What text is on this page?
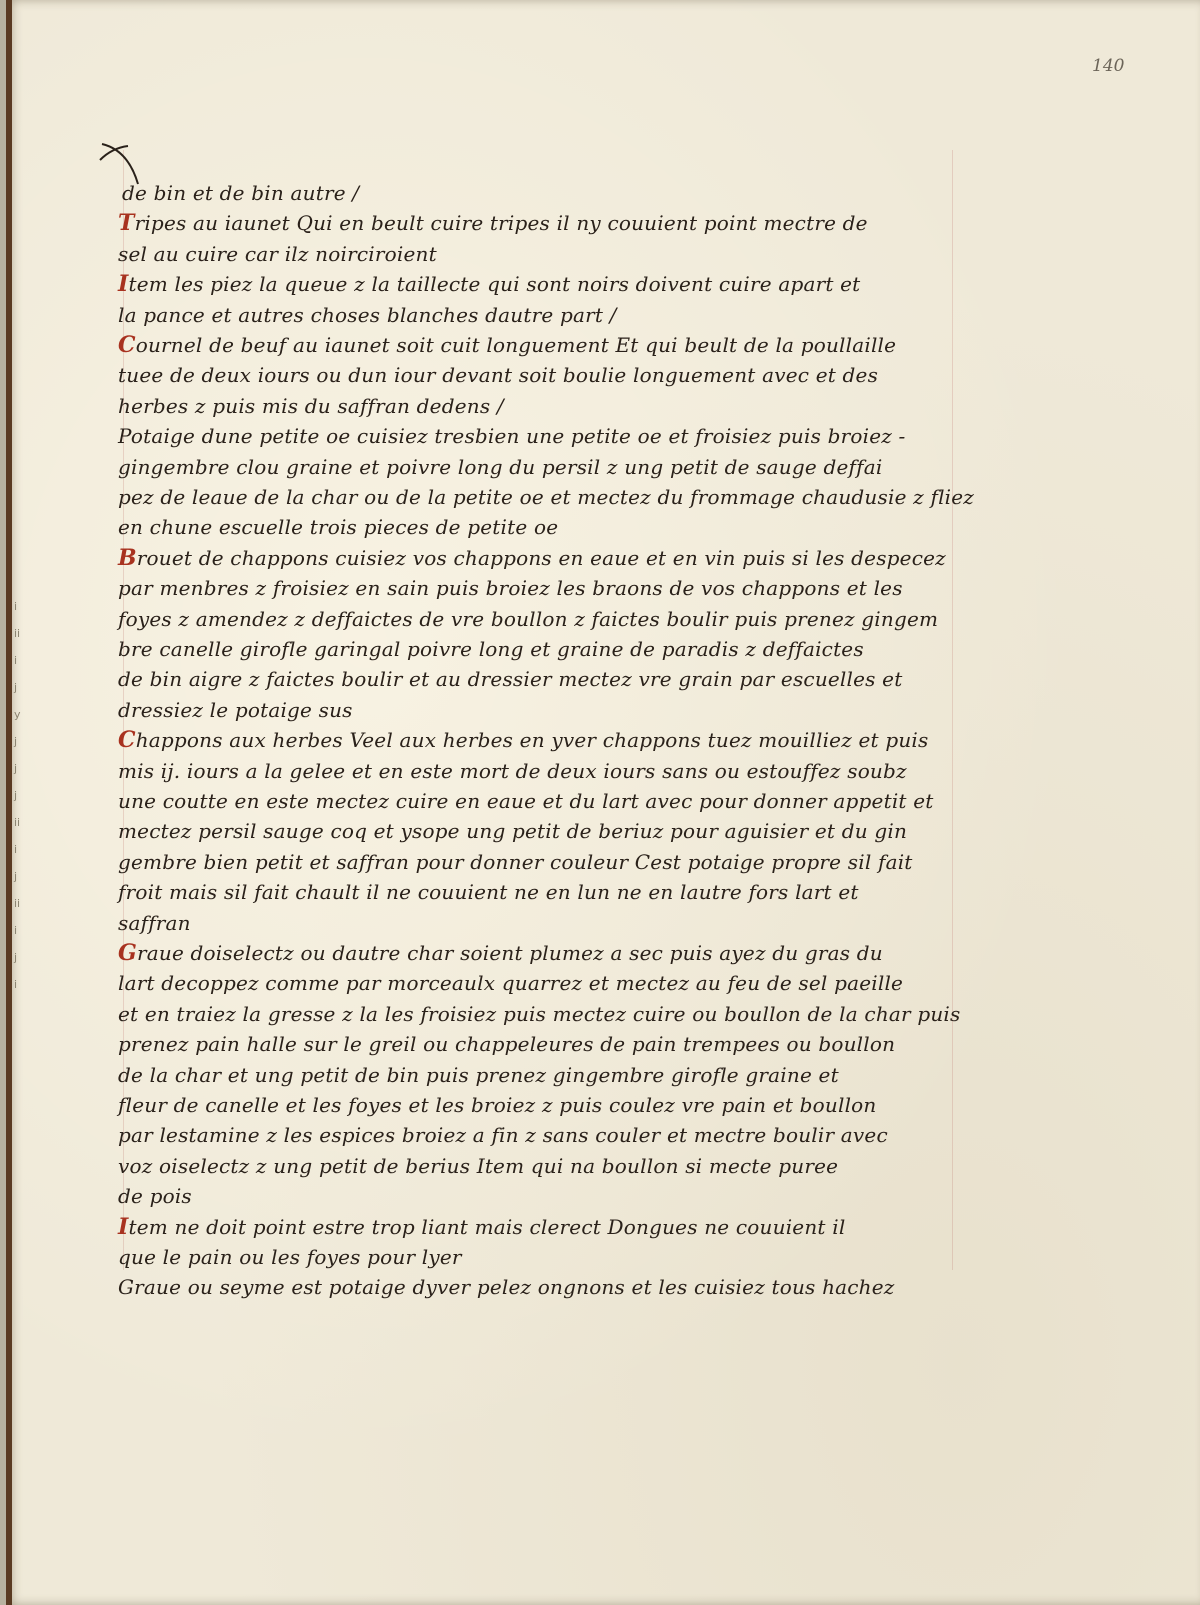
140
i
ii
i
j
y
j
j
j
ii
i
j
ii
i
j
i
de bin et de bin autre /
Tripes au iaunet Qui en beult cuire tripes il ny couuient point mectre de
sel au cuire car ilz noirciroient
Item les piez la queue z la taillecte qui sont noirs doivent cuire apart et
la pance et autres choses blanches dautre part /
Cournel de beuf au iaunet soit cuit longuement Et qui beult de la poullaille
tuee de deux iours ou dun iour devant soit boulie longuement avec et des
herbes z puis mis du saffran dedens /
Potaige dune petite oe cuisiez tresbien une petite oe et froisiez puis broiez -
gingembre clou graine et poivre long du persil z ung petit de sauge deffai
pez de leaue de la char ou de la petite oe et mectez du frommage chaudusie z fliez
en chune escuelle trois pieces de petite oe
Brouet de chappons cuisiez vos chappons en eaue et en vin puis si les despecez
par menbres z froisiez en sain puis broiez les braons de vos chappons et les
foyes z amendez z deffaictes de vre boullon z faictes boulir puis prenez gingem
bre canelle girofle garingal poivre long et graine de paradis z deffaictes
de bin aigre z faictes boulir et au dressier mectez vre grain par escuelles et
dressiez le potaige sus
Chappons aux herbes Veel aux herbes en yver chappons tuez mouilliez et puis
mis ij. iours a la gelee et en este mort de deux iours sans ou estouffez soubz
une coutte en este mectez cuire en eaue et du lart avec pour donner appetit et
mectez persil sauge coq et ysope ung petit de beriuz pour aguisier et du gin
gembre bien petit et saffran pour donner couleur Cest potaige propre sil fait
froit mais sil fait chault il ne couuient ne en lun ne en lautre fors lart et
saffran
Graue doiselectz ou dautre char soient plumez a sec puis ayez du gras du
lart decoppez comme par morceaulx quarrez et mectez au feu de sel paeille
et en traiez la gresse z la les froisiez puis mectez cuire ou boullon de la char puis
prenez pain halle sur le greil ou chappeleures de pain trempees ou boullon
de la char et ung petit de bin puis prenez gingembre girofle graine et
fleur de canelle et les foyes et les broiez z puis coulez vre pain et boullon
par lestamine z les espices broiez a fin z sans couler et mectre boulir avec
voz oiselectz z ung petit de berius Item qui na boullon si mecte puree
de pois
Item ne doit point estre trop liant mais clerect Dongues ne couuient il
que le pain ou les foyes pour lyer
Graue ou seyme est potaige dyver pelez ongnons et les cuisiez tous hachez
